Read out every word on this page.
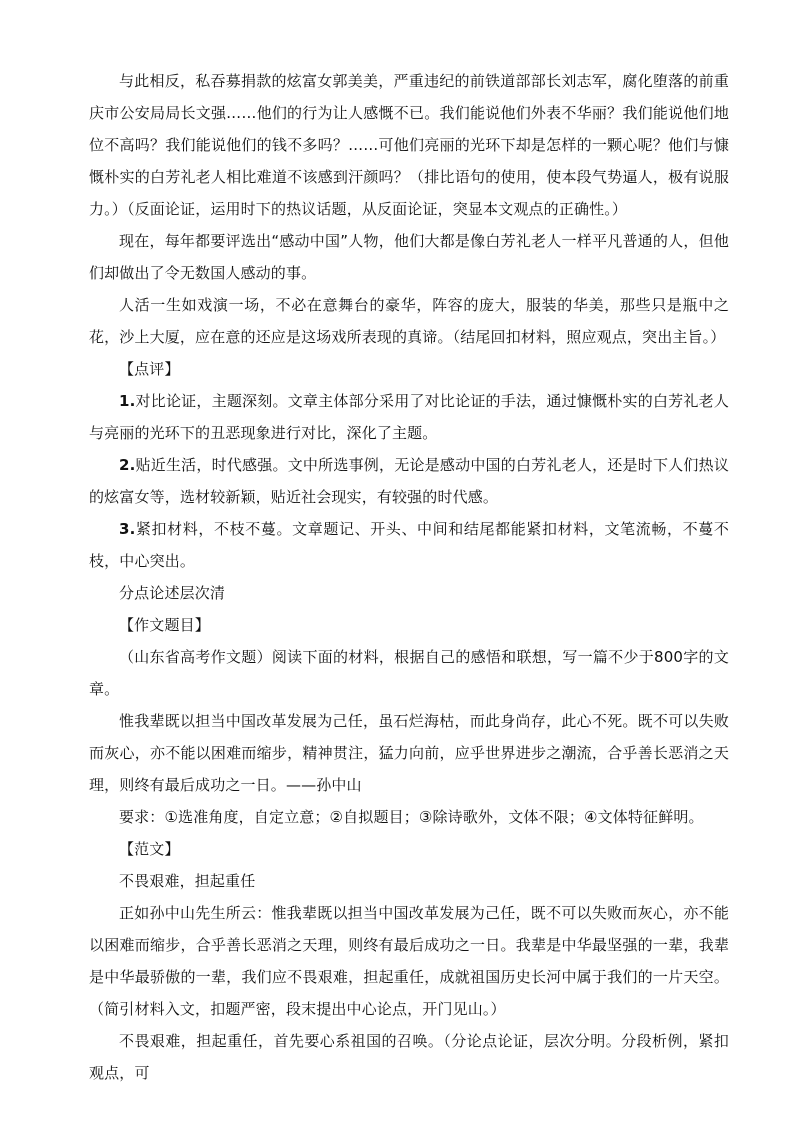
与此相反，私吞募捐款的炫富女郭美美，严重违纪的前铁道部部长刘志军，腐化堕落的前重庆市公安局局长文强……他们的行为让人感慨不已。我们能说他们外表不华丽？我们能说他们地位不高吗？我们能说他们的钱不多吗？……可他们亮丽的光环下却是怎样的一颗心呢？他们与慷慨朴实的白芳礼老人相比难道不该感到汗颜吗？（排比语句的使用，使本段气势逼人，极有说服力。）（反面论证，运用时下的热议话题，从反面论证，突显本文观点的正确性。）

现在，每年都要评选出“感动中国”人物，他们大都是像白芳礼老人一样平凡普通的人，但他们却做出了令无数国人感动的事。

人活一生如戏演一场，不必在意舞台的豪华，阵容的庞大，服装的华美，那些只是瓶中之花，沙上大厦，应在意的还应是这场戏所表现的真谛。（结尾回扣材料，照应观点，突出主旨。）

【点评】

1.对比论证，主题深刻。文章主体部分采用了对比论证的手法，通过慷慨朴实的白芳礼老人与亮丽的光环下的丑恶现象进行对比，深化了主题。

2.贴近生活，时代感强。文中所选事例，无论是感动中国的白芳礼老人，还是时下人们热议的炫富女等，选材较新颖，贴近社会现实，有较强的时代感。

3.紧扣材料，不枝不蔓。文章题记、开头、中间和结尾都能紧扣材料，文笔流畅，不蔓不枝，中心突出。

分点论述层次清

【作文题目】

（山东省高考作文题）阅读下面的材料，根据自己的感悟和联想，写一篇不少于800字的文章。

惟我辈既以担当中国改革发展为己任，虽石烂海枯，而此身尚存，此心不死。既不可以失败而灰心，亦不能以困难而缩步，精神贯注，猛力向前，应乎世界进步之潮流，合乎善长恶消之天理，则终有最后成功之一日。——孙中山

要求：①选准角度，自定立意；②自拟题目；③除诗歌外，文体不限；④文体特征鲜明。

【范文】

不畏艰难，担起重任

正如孙中山先生所云：惟我辈既以担当中国改革发展为己任，既不可以失败而灰心，亦不能以困难而缩步，合乎善长恶消之天理，则终有最后成功之一日。我辈是中华最坚强的一辈，我辈是中华最骄傲的一辈，我们应不畏艰难，担起重任，成就祖国历史长河中属于我们的一片天空。（简引材料入文，扣题严密，段末提出中心论点，开门见山。）

不畏艰难，担起重任，首先要心系祖国的召唤。（分论点论证，层次分明。分段析例，紧扣观点，可
